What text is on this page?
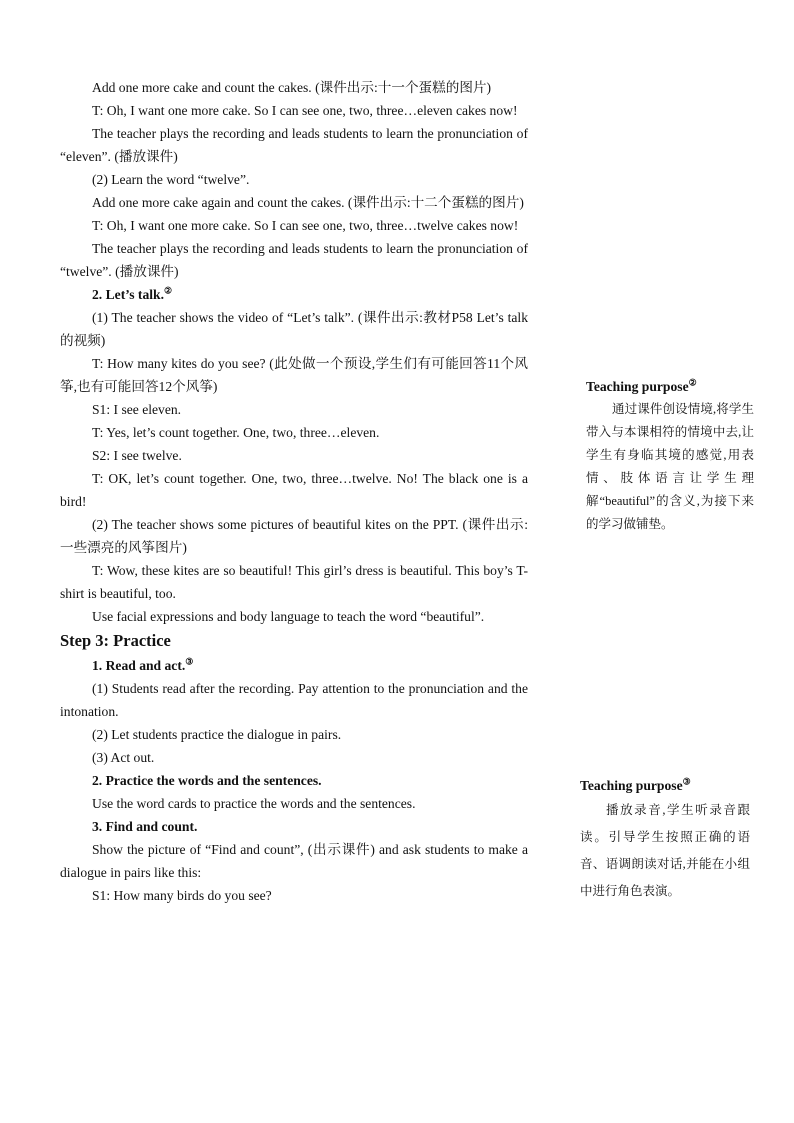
Add one more cake and count the cakes. (课件出示:十一个蛋糕的图片)

T: Oh, I want one more cake. So I can see one, two, three…eleven cakes now!

The teacher plays the recording and leads students to learn the pronunciation of “eleven”. (播放课件)

(2) Learn the word “twelve”.

Add one more cake again and count the cakes. (课件出示:十二个蛋糕的图片)

T: Oh, I want one more cake. So I can see one, two, three…twelve cakes now!

The teacher plays the recording and leads students to learn the pronunciation of “twelve”. (播放课件)

2. Let’s talk.②

(1) The teacher shows the video of “Let’s talk”. (课件出示:教材P58 Let’s talk 的视频)

T: How many kites do you see? (此处做一个预设,学生们有可能回答11个风筝,也有可能回答12个风筝)

S1: I see eleven.

T: Yes, let’s count together. One, two, three…eleven.

S2: I see twelve.

T: OK, let’s count together. One, two, three…twelve. No! The black one is a bird!

(2) The teacher shows some pictures of beautiful kites on the PPT. (课件出示:一些漂亮的风筝图片)

T: Wow, these kites are so beautiful! This girl’s dress is beautiful. This boy’s T-shirt is beautiful, too.

Use facial expressions and body language to teach the word “beautiful”.

Step 3: Practice

1. Read and act.③

(1) Students read after the recording. Pay attention to the pronunciation and the intonation.

(2) Let students practice the dialogue in pairs.

(3) Act out.

2. Practice the words and the sentences.

Use the word cards to practice the words and the sentences.

3. Find and count.

Show the picture of “Find and count”, (出示课件) and ask students to make a dialogue in pairs like this:

S1: How many birds do you see?

Teaching purpose②

通过课件创设情境,将学生带入与本课相符的情境中去,让学生有身临其境的感觉,用表情、肢体语言让学生理解“beautiful”的含义,为接下来的学习做铺垫。

Teaching purpose③

播放录音,学生听录音跟读。引导学生按照正确的语音、语调朗读对话,并能在小组中进行角色表演。
